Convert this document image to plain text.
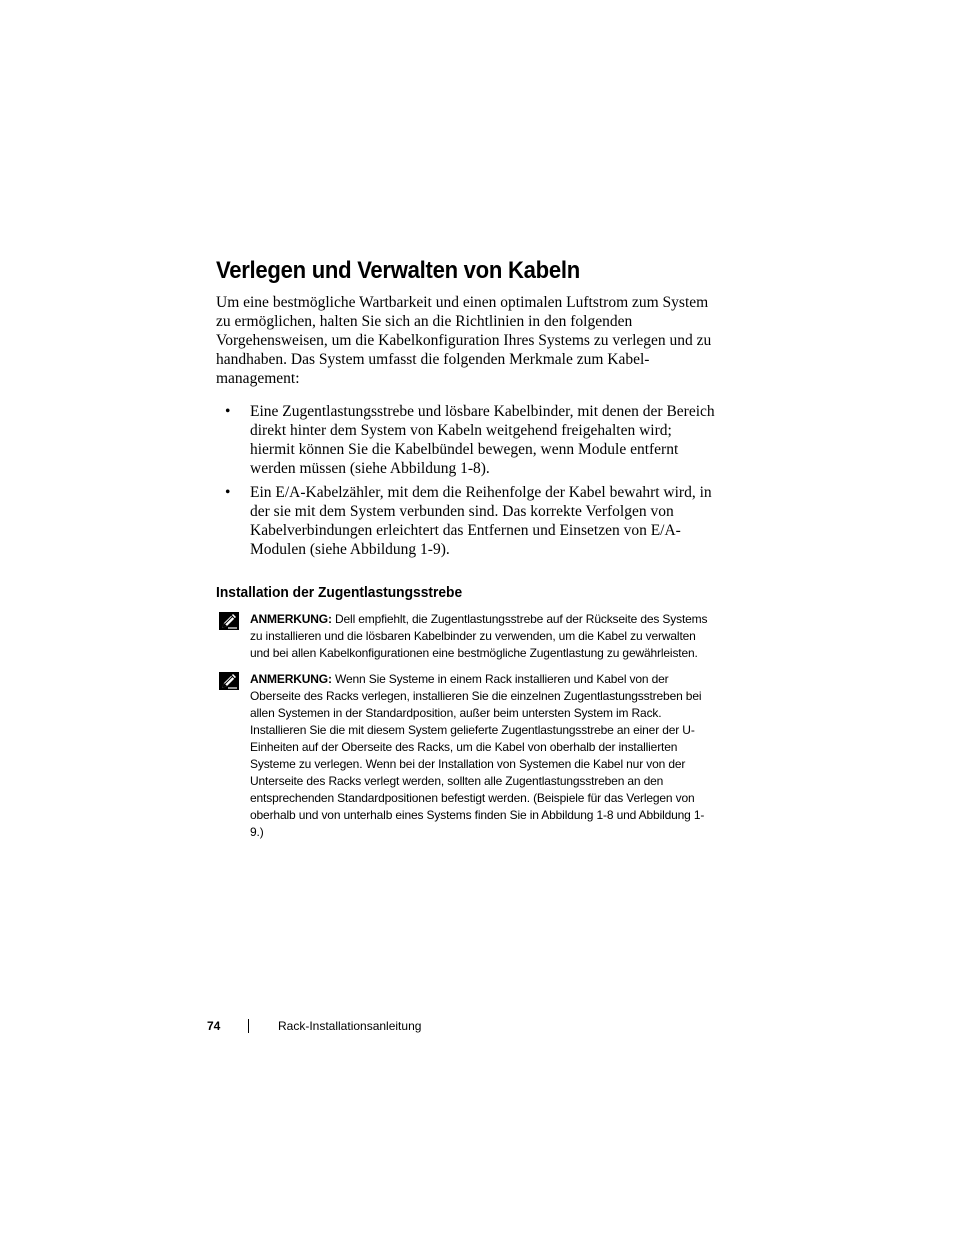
Verlegen und Verwalten von Kabeln

Um eine bestmögliche Wartbarkeit und einen optimalen Luftstrom zum System zu ermöglichen, halten Sie sich an die Richtlinien in den folgenden Vorgehensweisen, um die Kabelkonfiguration Ihres Systems zu verlegen und zu handhaben. Das System umfasst die folgenden Merkmale zum Kabel-management:

• Eine Zugentlastungsstrebe und lösbare Kabelbinder, mit denen der Bereich direkt hinter dem System von Kabeln weitgehend freigehalten wird; hiermit können Sie die Kabelbündel bewegen, wenn Module entfernt werden müssen (siehe Abbildung 1-8).
• Ein E/A-Kabelzähler, mit dem die Reihenfolge der Kabel bewahrt wird, in der sie mit dem System verbunden sind. Das korrekte Verfolgen von Kabelverbindungen erleichtert das Entfernen und Einsetzen von E/A-Modulen (siehe Abbildung 1-9).
Installation der Zugentlastungsstrebe
ANMERKUNG: Dell empfiehlt, die Zugentlastungsstrebe auf der Rückseite des Systems zu installieren und die lösbaren Kabelbinder zu verwenden, um die Kabel zu verwalten und bei allen Kabelkonfigurationen eine bestmögliche Zugentlastung zu gewährleisten.
ANMERKUNG: Wenn Sie Systeme in einem Rack installieren und Kabel von der Oberseite des Racks verlegen, installieren Sie die einzelnen Zugentlastungsstreben bei allen Systemen in der Standardposition, außer beim untersten System im Rack. Installieren Sie die mit diesem System gelieferte Zugentlastungsstrebe an einer der U-Einheiten auf der Oberseite des Racks, um die Kabel von oberhalb der installierten Systeme zu verlegen. Wenn bei der Installation von Systemen die Kabel nur von der Unterseite des Racks verlegt werden, sollten alle Zugentlastungsstreben an den entsprechenden Standardpositionen befestigt werden. (Beispiele für das Verlegen von oberhalb und von unterhalb eines Systems finden Sie in Abbildung 1-8 und Abbildung 1-9.)
74	Rack-Installationsanleitung
